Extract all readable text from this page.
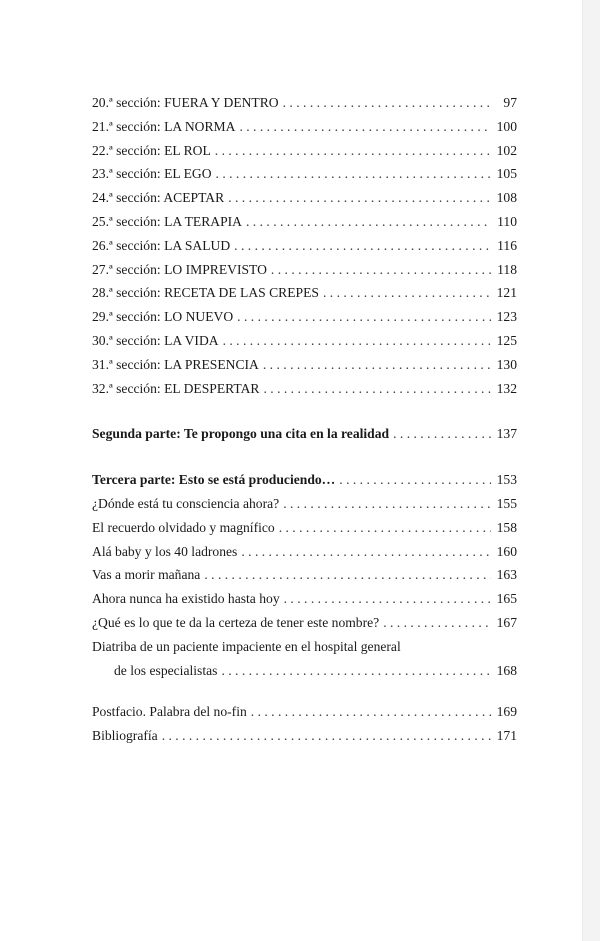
20.ª sección: FUERA Y DENTRO . . .	97
21.ª sección: LA NORMA . . .	100
22.ª sección: EL ROL . . .	102
23.ª sección: EL EGO . . .	105
24.ª sección: ACEPTAR . . .	108
25.ª sección: LA TERAPIA . . .	110
26.ª sección: LA SALUD . . .	116
27.ª sección: LO IMPREVISTO . . .	118
28.ª sección: RECETA DE LAS CREPES . . .	121
29.ª sección: LO NUEVO . . .	123
30.ª sección: LA VIDA . . .	125
31.ª sección: LA PRESENCIA . . .	130
32.ª sección: EL DESPERTAR . . .	132
Segunda parte: Te propongo una cita en la realidad . . .	137
Tercera parte: Esto se está produciendo… . . .	153
¿Dónde está tu consciencia ahora? . . .	155
El recuerdo olvidado y magnífico . . .	158
Alá baby y los 40 ladrones . . .	160
Vas a morir mañana . . .	163
Ahora nunca ha existido hasta hoy . . .	165
¿Qué es lo que te da la certeza de tener este nombre? . . .	167
Diatriba de un paciente impaciente en el hospital general
de los especialistas . . .	168
Postfacio. Palabra del no-fin . . .	169
Bibliografía . . .	171
